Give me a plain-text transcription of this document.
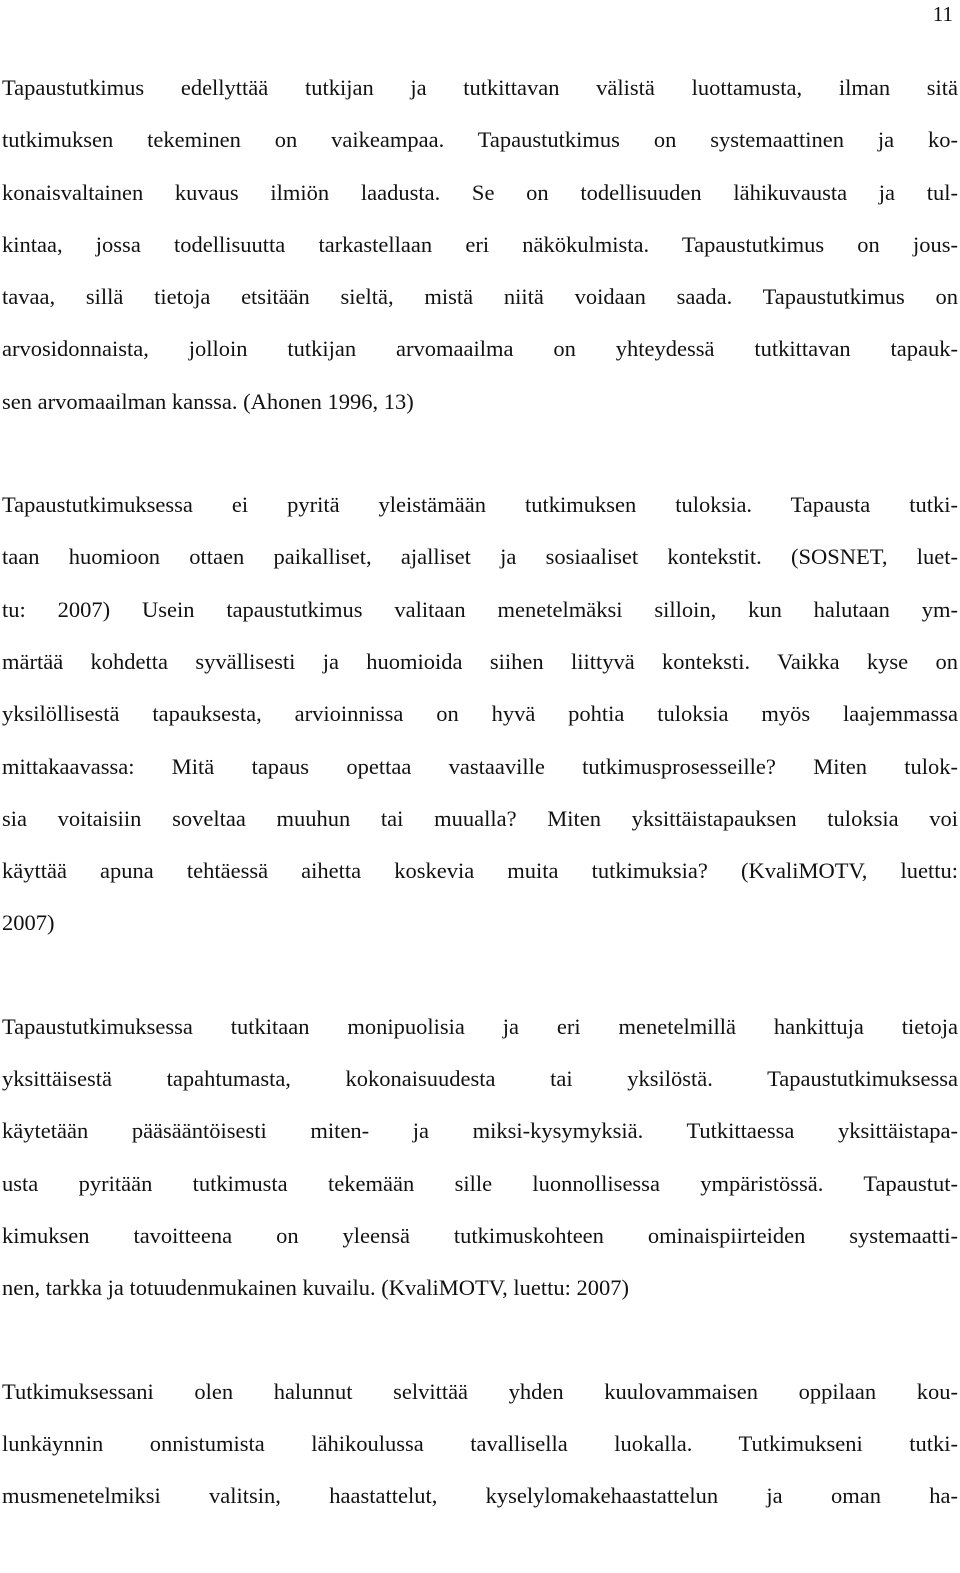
11
Tapaustutkimus edellyttää tutkijan ja tutkittavan välistä luottamusta, ilman sitä
tutkimuksen tekeminen on vaikeampaa. Tapaustutkimus on systemaattinen ja ko-
konaisvaltainen kuvaus ilmiön laadusta. Se on todellisuuden lähikuvausta ja tul-
kintaa, jossa todellisuutta tarkastellaan eri näkökulmista. Tapaustutkimus on jous-
tavaa, sillä tietoja etsitään sieltä, mistä niitä voidaan saada. Tapaustutkimus on
arvosidonnaista, jolloin tutkijan arvomaailma on yhteydessä tutkittavan tapauk-
sen arvomaailman kanssa. (Ahonen 1996, 13)
Tapaustutkimuksessa ei pyritä yleistämään tutkimuksen tuloksia. Tapausta tutki-
taan huomioon ottaen paikalliset, ajalliset ja sosiaaliset kontekstit. (SOSNET, luet-
tu: 2007) Usein tapaustutkimus valitaan menetelmäksi silloin, kun halutaan ym-
märtää kohdetta syvällisesti ja huomioida siihen liittyvä konteksti. Vaikka kyse on
yksilöllisestä tapauksesta, arvioinnissa on hyvä pohtia tuloksia myös laajemmassa
mittakaavassa: Mitä tapaus opettaa vastaaville tutkimusprosesseille? Miten tulok-
sia voitaisiin soveltaa muuhun tai muualla? Miten yksittäistapauksen tuloksia voi
käyttää apuna tehtäessä aihetta koskevia muita tutkimuksia? (KvaliMOTV, luettu:
2007)
Tapaustutkimuksessa tutkitaan monipuolisia ja eri menetelmillä hankittuja tietoja
yksittäisestä tapahtumasta, kokonaisuudesta tai yksilöstä. Tapaustutkimuksessa
käytetään pääsääntöisesti miten- ja miksi-kysymyksiä. Tutkittaessa yksittäistapa-
usta pyritään tutkimusta tekemään sille luonnollisessa ympäristössä. Tapaustut-
kimuksen tavoitteena on yleensä tutkimuskohteen ominaispiirteiden systemaatti-
nen, tarkka ja totuudenmukainen kuvailu. (KvaliMOTV, luettu: 2007)
Tutkimuksessani olen halunnut selvittää yhden kuulovammaisen oppilaan kou-
lunkäynnin onnistumista lähikoulussa tavallisella luokalla. Tutkimukseni tutki-
musmenetelmiksi valitsin, haastattelut, kyselylomakehaastattelun ja oman ha-
